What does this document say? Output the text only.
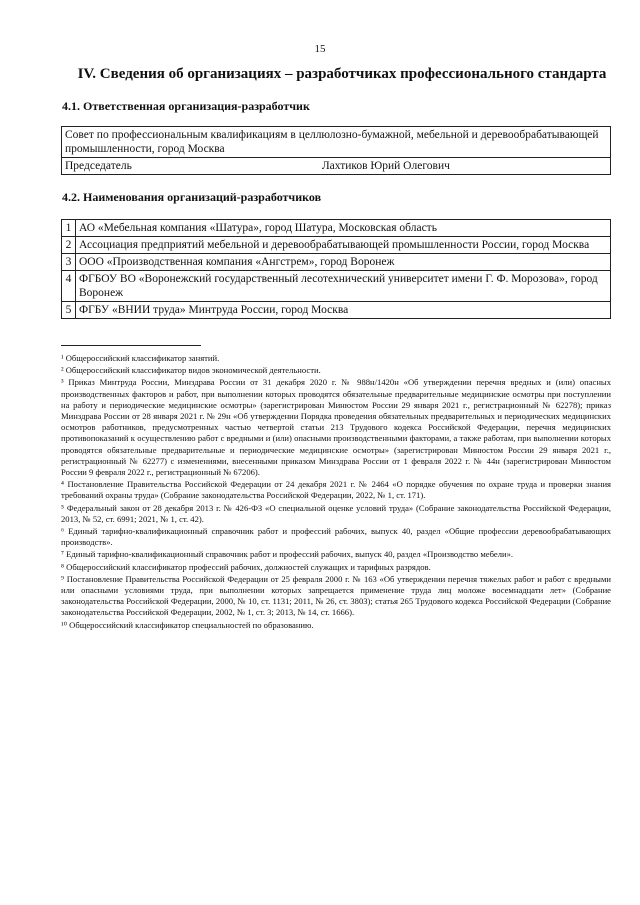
15
IV. Сведения об организациях – разработчиках профессионального стандарта
4.1. Ответственная организация-разработчик
Совет по профессиональным квалификациям в целлюлозно-бумажной, мебельной и деревообрабатывающей промышленности, город Москва
Председатель	Лахтиков Юрий Олегович
4.2. Наименования организаций-разработчиков
1	АО «Мебельная компания «Шатура», город Шатура, Московская область
2	Ассоциация предприятий мебельной и деревообрабатывающей промышленности России, город Москва
3	ООО «Производственная компания «Ангстрем», город Воронеж
4	ФГБОУ ВО «Воронежский государственный лесотехнический университет имени Г. Ф. Морозова», город Воронеж
5	ФГБУ «ВНИИ труда» Минтруда России, город Москва

¹ Общероссийский классификатор занятий.

² Общероссийский классификатор видов экономической деятельности.

³ Приказ Минтруда России, Минздрава России от 31 декабря 2020 г. № 988н/1420н «Об утверждении перечня вредных и (или) опасных производственных факторов и работ, при выполнении которых проводятся обязательные предварительные медицинские осмотры при поступлении на работу и периодические медицинские осмотры» (зарегистрирован Минюстом России 29 января 2021 г., регистрационный № 62278); приказ Минздрава России от 28 января 2021 г. № 29н «Об утверждении Порядка проведения обязательных предварительных и периодических медицинских осмотров работников, предусмотренных частью четвертой статьи 213 Трудового кодекса Российской Федерации, перечня медицинских противопоказаний к осуществлению работ с вредными и (или) опасными производственными факторами, а также работам, при выполнении которых проводятся обязательные предварительные и периодические медицинские осмотры» (зарегистрирован Минюстом России 29 января 2021 г., регистрационный № 62277) с изменениями, внесенными приказом Минздрава России от 1 февраля 2022 г. № 44н (зарегистрирован Минюстом России 9 февраля 2022 г., регистрационный № 67206).

⁴ Постановление Правительства Российской Федерации от 24 декабря 2021 г. № 2464 «О порядке обучения по охране труда и проверки знания требований охраны труда» (Собрание законодательства Российской Федерации, 2022, № 1, ст. 171).

⁵ Федеральный закон от 28 декабря 2013 г. № 426-ФЗ «О специальной оценке условий труда» (Собрание законодательства Российской Федерации, 2013, № 52, ст. 6991; 2021, № 1, ст. 42).

⁶ Единый тарифно-квалификационный справочник работ и профессий рабочих, выпуск 40, раздел «Общие профессии деревообрабатывающих производств».

⁷ Единый тарифно-квалификационный справочник работ и профессий рабочих, выпуск 40, раздел «Производство мебели».

⁸ Общероссийский классификатор профессий рабочих, должностей служащих и тарифных разрядов.

⁹ Постановление Правительства Российской Федерации от 25 февраля 2000 г. № 163 «Об утверждении перечня тяжелых работ и работ с вредными или опасными условиями труда, при выполнении которых запрещается применение труда лиц моложе восемнадцати лет» (Собрание законодательства Российской Федерации, 2000, № 10, ст. 1131; 2011, № 26, ст. 3803); статья 265 Трудового кодекса Российской Федерации (Собрание законодательства Российской Федерации, 2002, № 1, ст. 3; 2013, № 14, ст. 1666).

¹⁰ Общероссийский классификатор специальностей по образованию.
